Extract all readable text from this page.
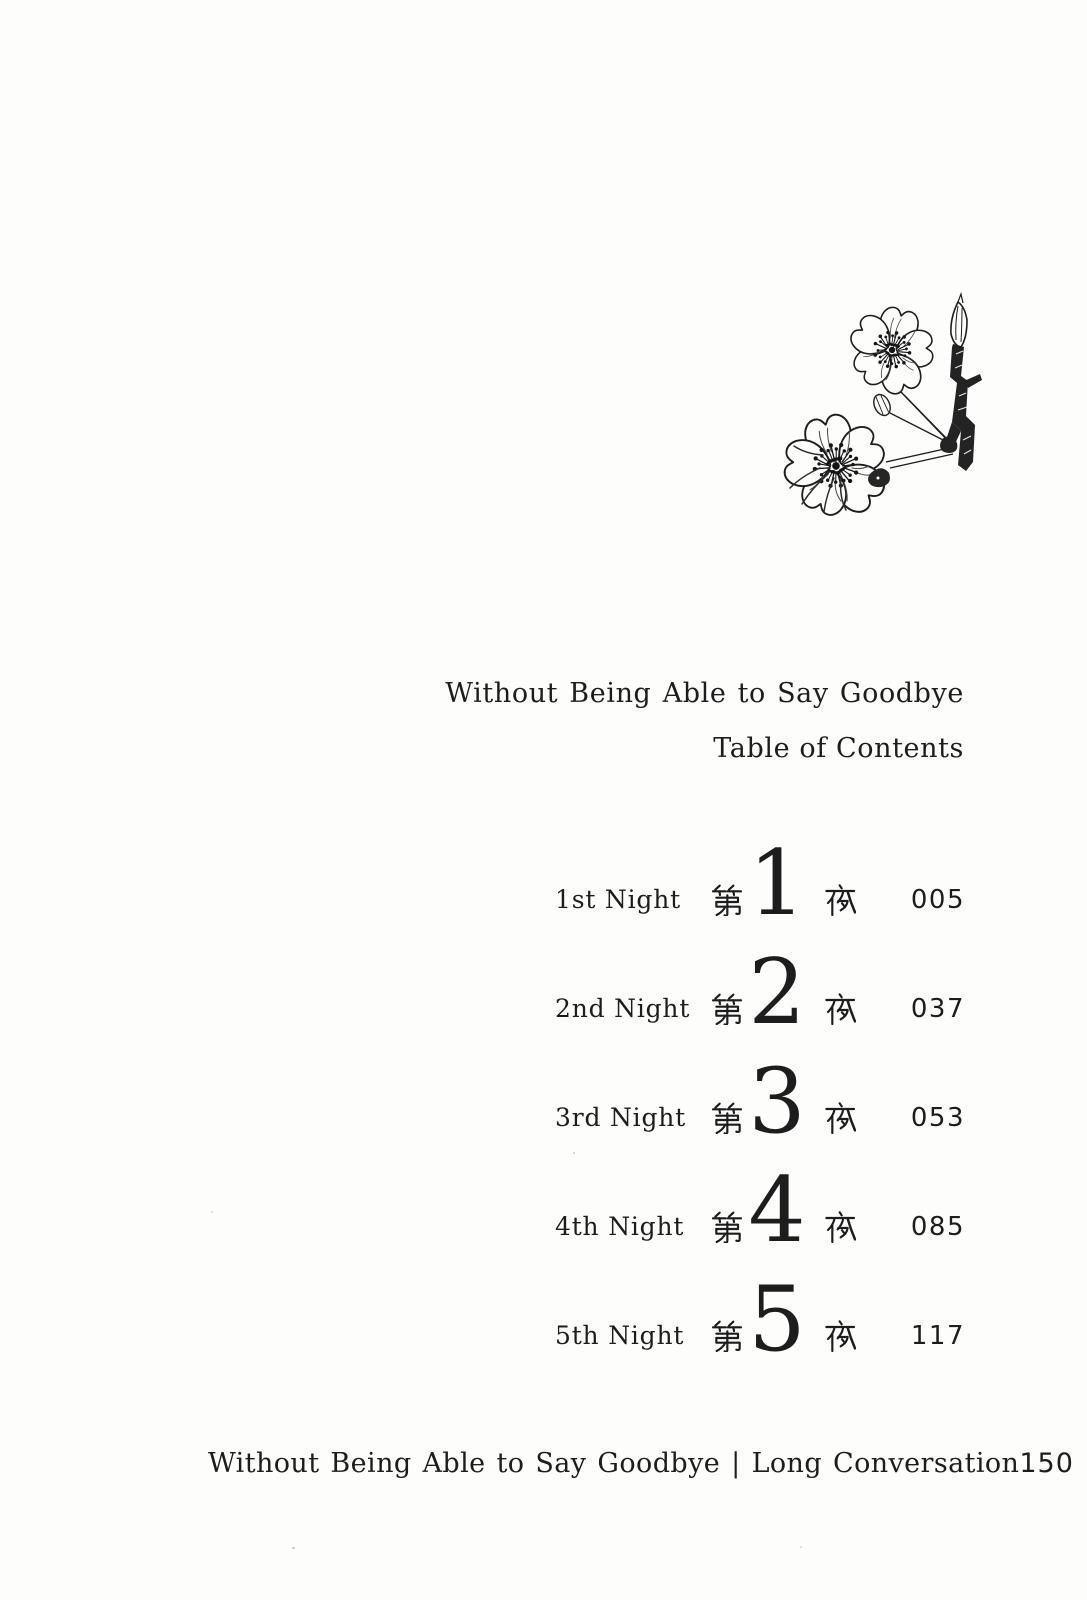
Without Being Able to Say Goodbye
Table of Contents
1st Night 1	005
2nd Night 2	037
3rd Night 3	053
4th Night 4	085
5th Night 5	117
Without Being Able to Say Goodbye | Long Conversation 150
